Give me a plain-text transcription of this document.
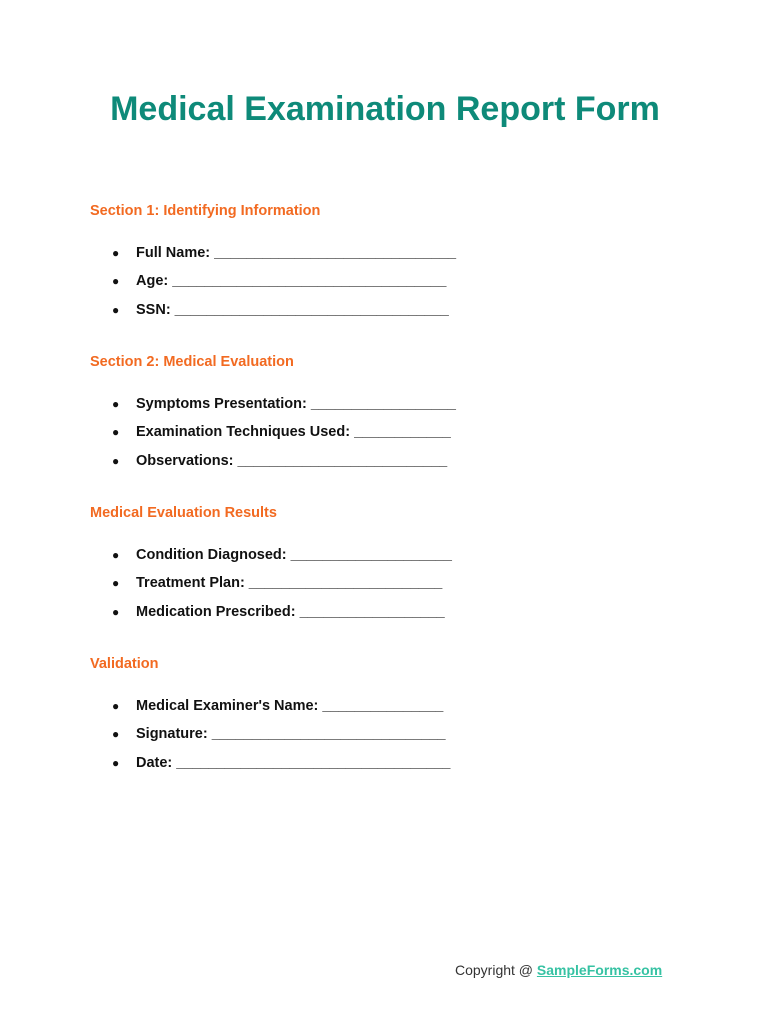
Medical Examination Report Form
Section 1: Identifying Information
● Full Name: ______________________________
● Age: __________________________________
● SSN: __________________________________
Section 2: Medical Evaluation
● Symptoms Presentation: __________________
● Examination Techniques Used: ____________
● Observations: __________________________
Medical Evaluation Results
● Condition Diagnosed: ____________________
● Treatment Plan: ________________________
● Medication Prescribed: __________________
Validation
● Medical Examiner's Name: _______________
● Signature: _____________________________
● Date: __________________________________
Copyright @ SampleForms.com
